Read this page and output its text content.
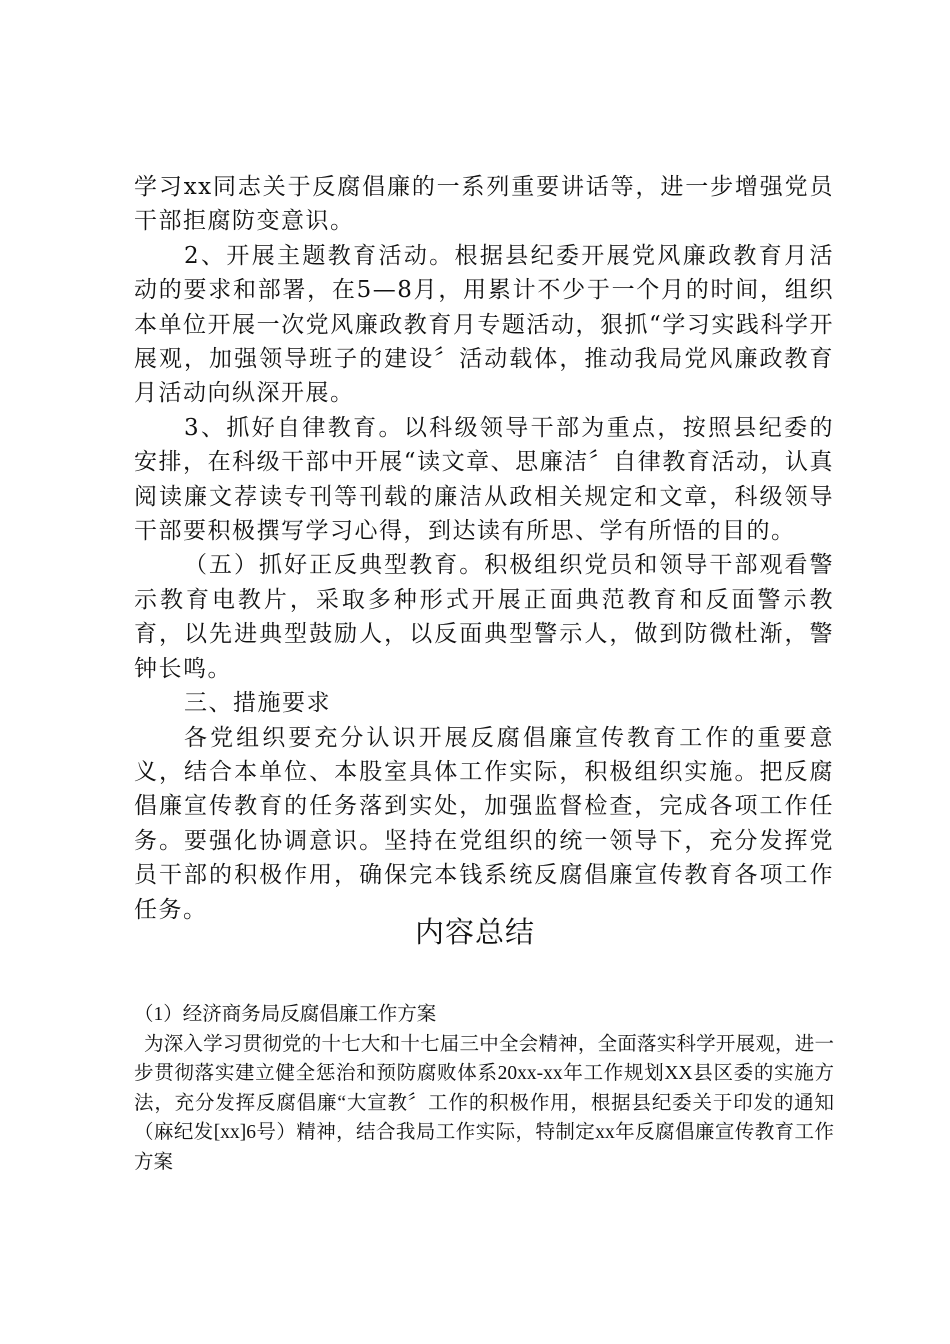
学习xx同志关于反腐倡廉的一系列重要讲话等，进一步增强党员干部拒腐防变意识。

2、开展主题教育活动。根据县纪委开展党风廉政教育月活动的要求和部署，在5—8月，用累计不少于一个月的时间，组织本单位开展一次党风廉政教育月专题活动，狠抓“学习实践科学开展观，加强领导班子的建设〞活动载体，推动我局党风廉政教育月活动向纵深开展。

3、抓好自律教育。以科级领导干部为重点，按照县纪委的安排，在科级干部中开展“读文章、思廉洁〞自律教育活动，认真阅读廉文荐读专刊等刊载的廉洁从政相关规定和文章，科级领导干部要积极撰写学习心得，到达读有所思、学有所悟的目的。

（五）抓好正反典型教育。积极组织党员和领导干部观看警示教育电教片，采取多种形式开展正面典范教育和反面警示教育，以先进典型鼓励人，以反面典型警示人，做到防微杜渐，警钟长鸣。

三、措施要求

各党组织要充分认识开展反腐倡廉宣传教育工作的重要意义，结合本单位、本股室具体工作实际，积极组织实施。把反腐倡廉宣传教育的任务落到实处，加强监督检查，完成各项工作任务。要强化协调意识。坚持在党组织的统一领导下，充分发挥党员干部的积极作用，确保完本钱系统反腐倡廉宣传教育各项工作任务。

内容总结

（1）经济商务局反腐倡廉工作方案

为深入学习贯彻党的十七大和十七届三中全会精神，全面落实科学开展观，进一步贯彻落实建立健全惩治和预防腐败体系20xx-xx年工作规划XX县区委的实施方法，充分发挥反腐倡廉“大宣教〞工作的积极作用，根据县纪委关于印发的通知（麻纪发[xx]6号）精神，结合我局工作实际，特制定xx年反腐倡廉宣传教育工作方案
